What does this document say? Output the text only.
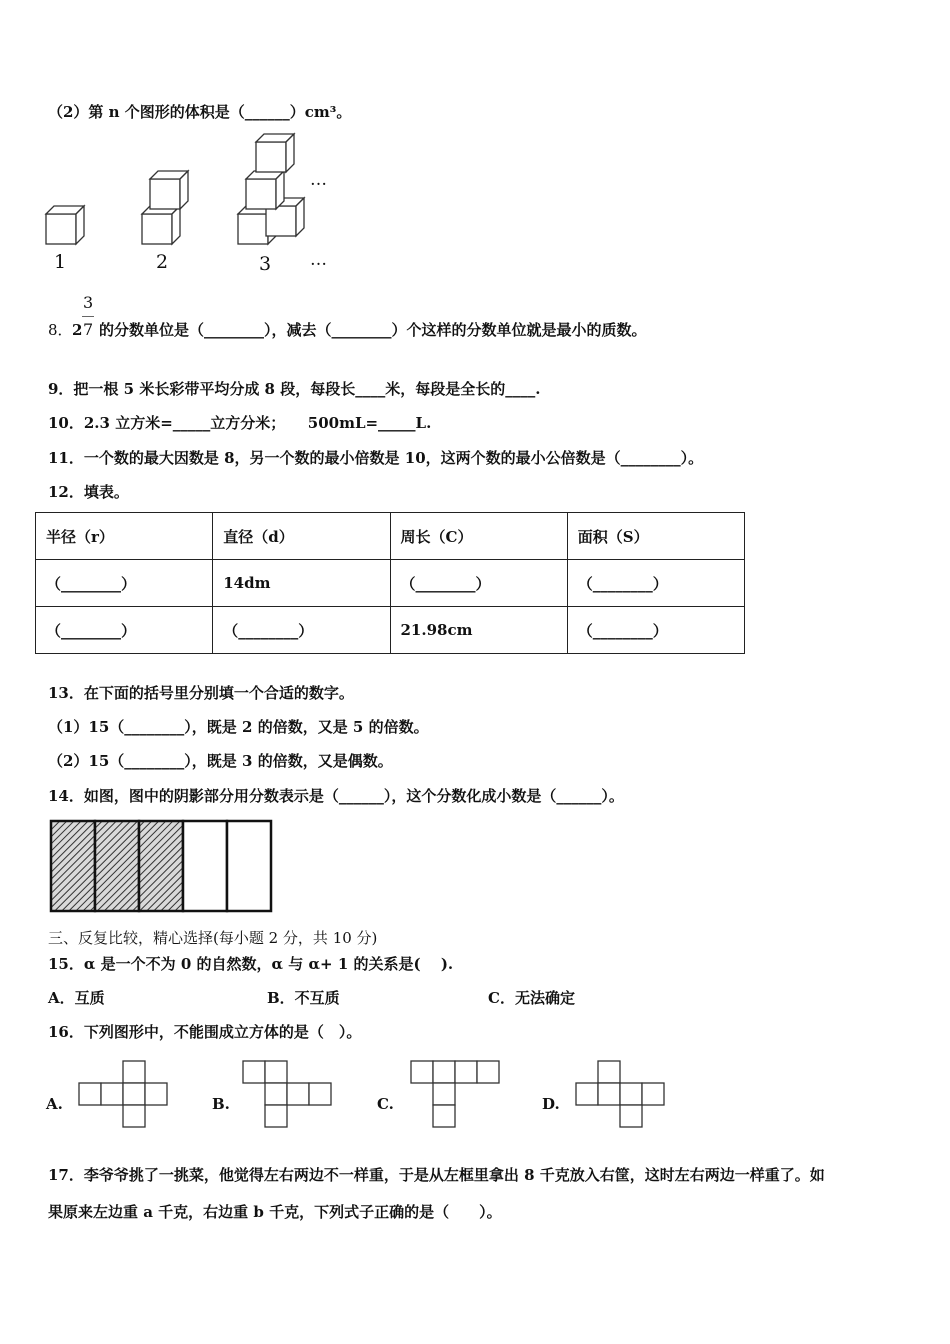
（2）第 n 个图形的体积是（______）cm³。
1	2	3
…
…
8． 2
3
7 的分数单位是（________），减去（________）个这样的分数单位就是最小的质数。
9．把一根 5 米长彩带平均分成 8 段，每段长____米，每段是全长的____.
10．2.3 立方米=_____立方分米；　　500mL=_____L.
11．一个数的最大因数是 8，另一个数的最小倍数是 10，这两个数的最小公倍数是（________）。
12．填表。
半径（r）	直径（d）	周长（C）	面积（S）
（________）	14dm	（________）	（________）
（________）	（________）	21.98cm	（________）
13．在下面的括号里分别填一个合适的数字。
（1）15（________），既是 2 的倍数，又是 5 的倍数。
（2）15（________），既是 3 的倍数，又是偶数。
14．如图，图中的阴影部分用分数表示是（______），这个分数化成小数是（______）。
三、反复比较，精心选择(每小题 2 分，共 10 分)
15．α 是一个不为 0 的自然数，α 与 α+ 1 的关系是(　 ).
A．互质	B．不互质	C．无法确定
16．下列图形中，不能围成立方体的是（　）。
A.	B.	C.	D.
17．李爷爷挑了一挑菜，他觉得左右两边不一样重，于是从左框里拿出 8 千克放入右筐，这时左右两边一样重了。如
果原来左边重 a 千克，右边重 b 千克，下列式子正确的是（　　）。
